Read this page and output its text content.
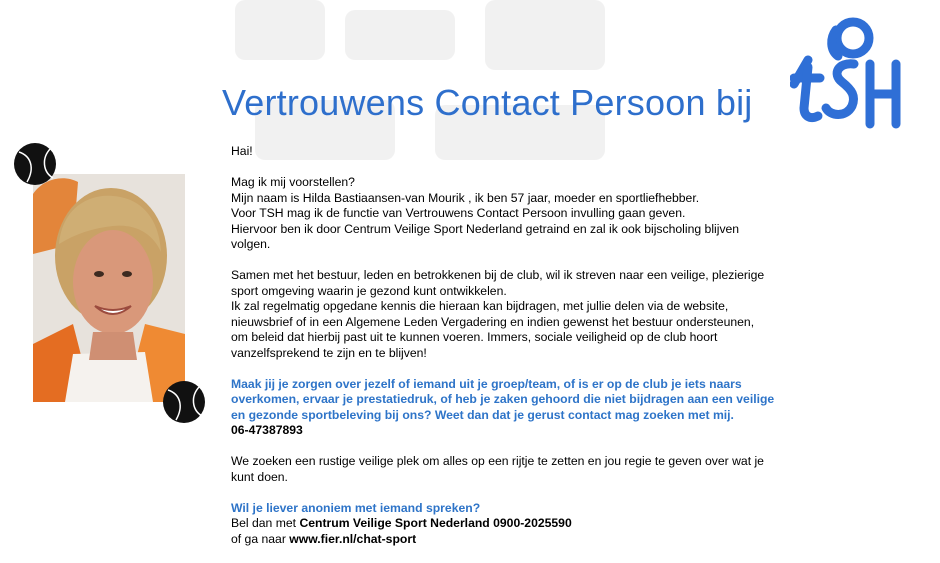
Vertrouwens Contact Persoon bij

Hai!

Mag ik mij voorstellen?
Mijn naam is Hilda Bastiaansen-van Mourik , ik ben 57 jaar, moeder en sportliefhebber.
Voor TSH mag ik de functie van Vertrouwens Contact Persoon invulling gaan geven.
Hiervoor ben ik door Centrum Veilige Sport Nederland getraind en zal ik ook bijscholing blijven
volgen.

Samen met het bestuur, leden en betrokkenen bij de club, wil ik streven naar een veilige, plezierige
sport omgeving waarin je gezond kunt ontwikkelen.
Ik zal regelmatig opgedane kennis die hieraan kan bijdragen, met jullie delen via de website,
nieuwsbrief of in een Algemene Leden Vergadering en indien gewenst het bestuur ondersteunen,
om beleid dat hierbij past uit te kunnen voeren. Immers, sociale veiligheid op de club hoort
vanzelfsprekend te zijn en te blijven!

Maak jij je zorgen over jezelf of iemand uit je groep/team, of is er op de club je iets naars
overkomen, ervaar je prestatiedruk, of heb je zaken gehoord die niet bijdragen aan een veilige
en gezonde sportbeleving bij ons? Weet dan dat je gerust contact mag zoeken met mij.
06-47387893

We zoeken een rustige veilige plek om alles op een rijtje te zetten en jou regie te geven over wat je
kunt doen.

Wil je liever anoniem met iemand spreken?
Bel dan met Centrum Veilige Sport Nederland 0900-2025590
of ga naar www.fier.nl/chat-sport
